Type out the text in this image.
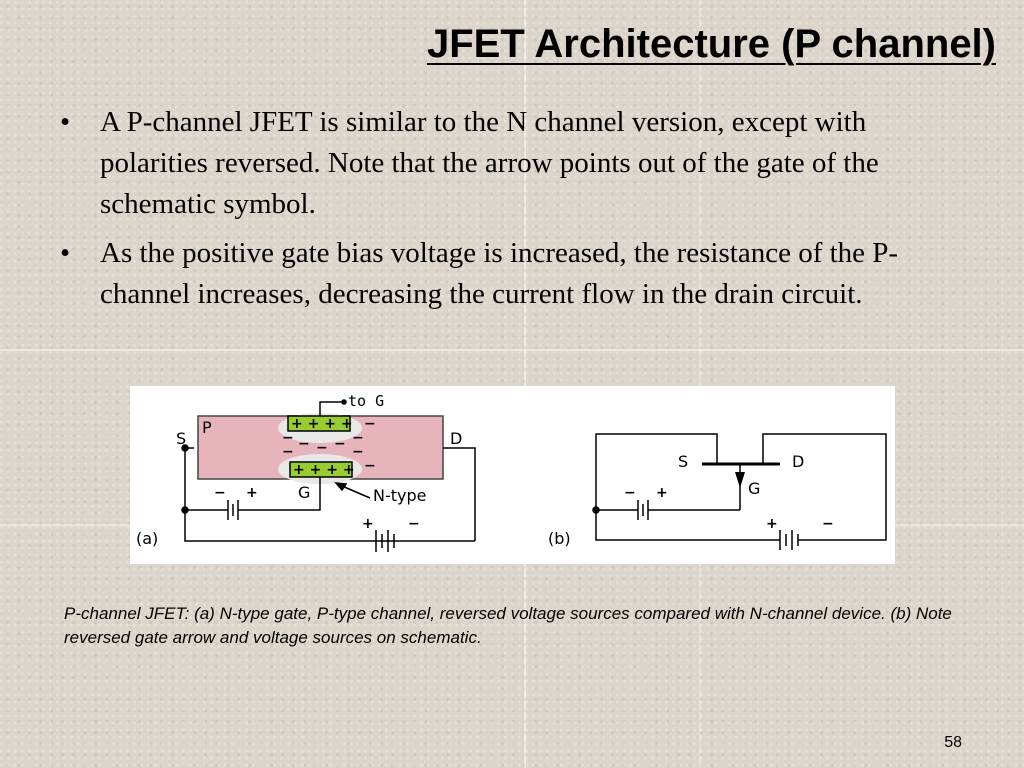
JFET Architecture (P channel)
• A P-channel JFET is similar to the N channel version, except with polarities reversed. Note that the arrow points out of the gate of the schematic symbol.
• As the positive gate bias voltage is increased, the resistance of the P-channel increases, decreasing the current flow in the drain circuit.
to G
P
S	D
G	N-type
+ + + +
+ + + +
−
− − − − −
−
−
−
− +
+ −
(a)
S	D
G
− +
+	−
(b)
P-channel JFET: (a) N-type gate, P-type channel, reversed voltage sources compared with N-channel device. (b) Note reversed gate arrow and voltage sources on schematic.
58
